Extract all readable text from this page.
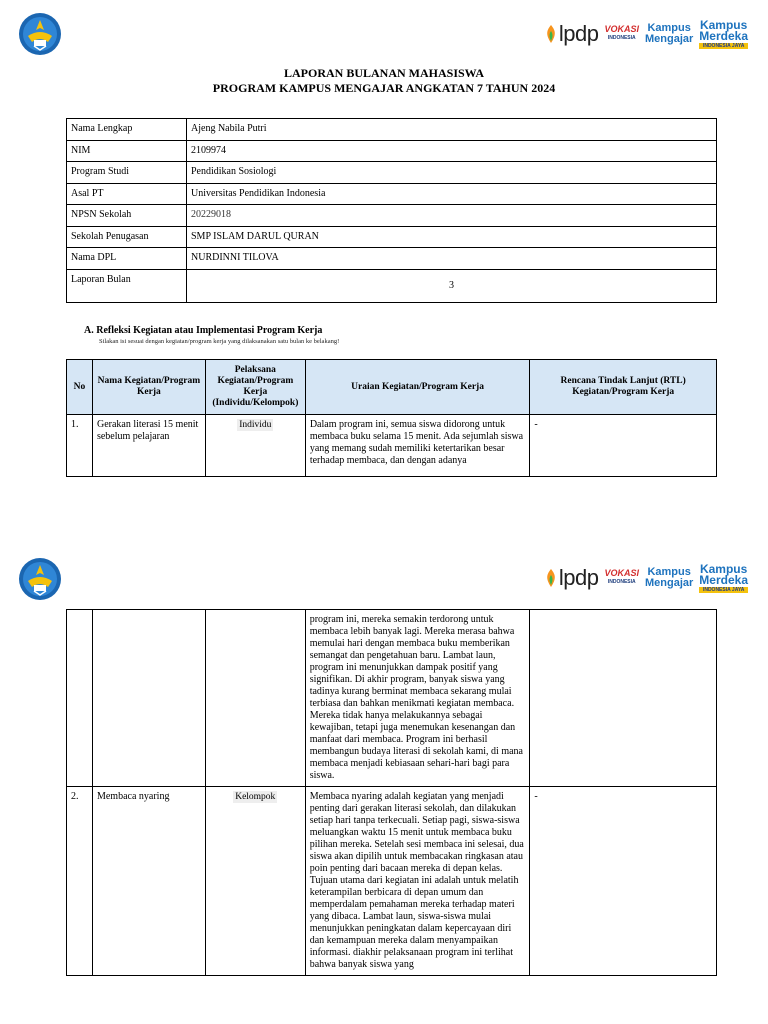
lpdp VOKASI
INDONESIA
Kampus
Mengajar
Kampus
Merdeka
INDONESIA JAYA
LAPORAN BULANAN MAHASISWA
PROGRAM KAMPUS MENGAJAR ANGKATAN 7 TAHUN 2024
Nama Lengkap	Ajeng Nabila Putri
NIM	2109974
Program Studi	Pendidikan Sosiologi
Asal PT	Universitas Pendidikan Indonesia
NPSN Sekolah	20229018
Sekolah Penugasan	SMP ISLAM DARUL QURAN
Nama DPL	NURDINNI TILOVA
Laporan Bulan	3
A. Refleksi Kegiatan atau Implementasi Program Kerja
Silakan isi sesuai dengan kegiatan/program kerja yang dilaksanakan satu bulan ke belakang!
No	Nama Kegiatan/Program Kerja	Pelaksana Kegiatan/Program Kerja (Individu/Kelompok)	Uraian Kegiatan/Program Kerja	Rencana Tindak Lanjut (RTL) Kegiatan/Program Kerja
1.	Gerakan literasi 15 menit sebelum pelajaran	Individu	Dalam program ini, semua siswa didorong untuk membaca buku selama 15 menit. Ada sejumlah siswa yang memang sudah memiliki ketertarikan besar terhadap membaca, dan dengan adanya	-
lpdp VOKASI
INDONESIA
Kampus
Mengajar
Kampus
Merdeka
INDONESIA JAYA
			program ini, mereka semakin terdorong untuk membaca lebih banyak lagi. Mereka merasa bahwa memulai hari dengan membaca buku memberikan semangat dan pengetahuan baru. Lambat laun, program ini menunjukkan dampak positif yang signifikan. Di akhir program, banyak siswa yang tadinya kurang berminat membaca sekarang mulai terbiasa dan bahkan menikmati kegiatan membaca. Mereka tidak hanya melakukannya sebagai kewajiban, tetapi juga menemukan kesenangan dan manfaat dari membaca. Program ini berhasil membangun budaya literasi di sekolah kami, di mana membaca menjadi kebiasaan sehari-hari bagi para siswa.	
2.	Membaca nyaring	Kelompok	Membaca nyaring adalah kegiatan yang menjadi penting dari gerakan literasi sekolah, dan dilakukan setiap hari tanpa terkecuali. Setiap pagi, siswa-siswa meluangkan waktu 15 menit untuk membaca buku pilihan mereka. Setelah sesi membaca ini selesai, dua siswa akan dipilih untuk membacakan ringkasan atau poin penting dari bacaan mereka di depan kelas. Tujuan utama dari kegiatan ini adalah untuk melatih keterampilan berbicara di depan umum dan memperdalam pemahaman mereka terhadap materi yang dibaca. Lambat laun, siswa-siswa mulai menunjukkan peningkatan dalam kepercayaan diri dan kemampuan mereka dalam menyampaikan informasi. diakhir pelaksanaan program ini terlihat bahwa banyak siswa yang	-
